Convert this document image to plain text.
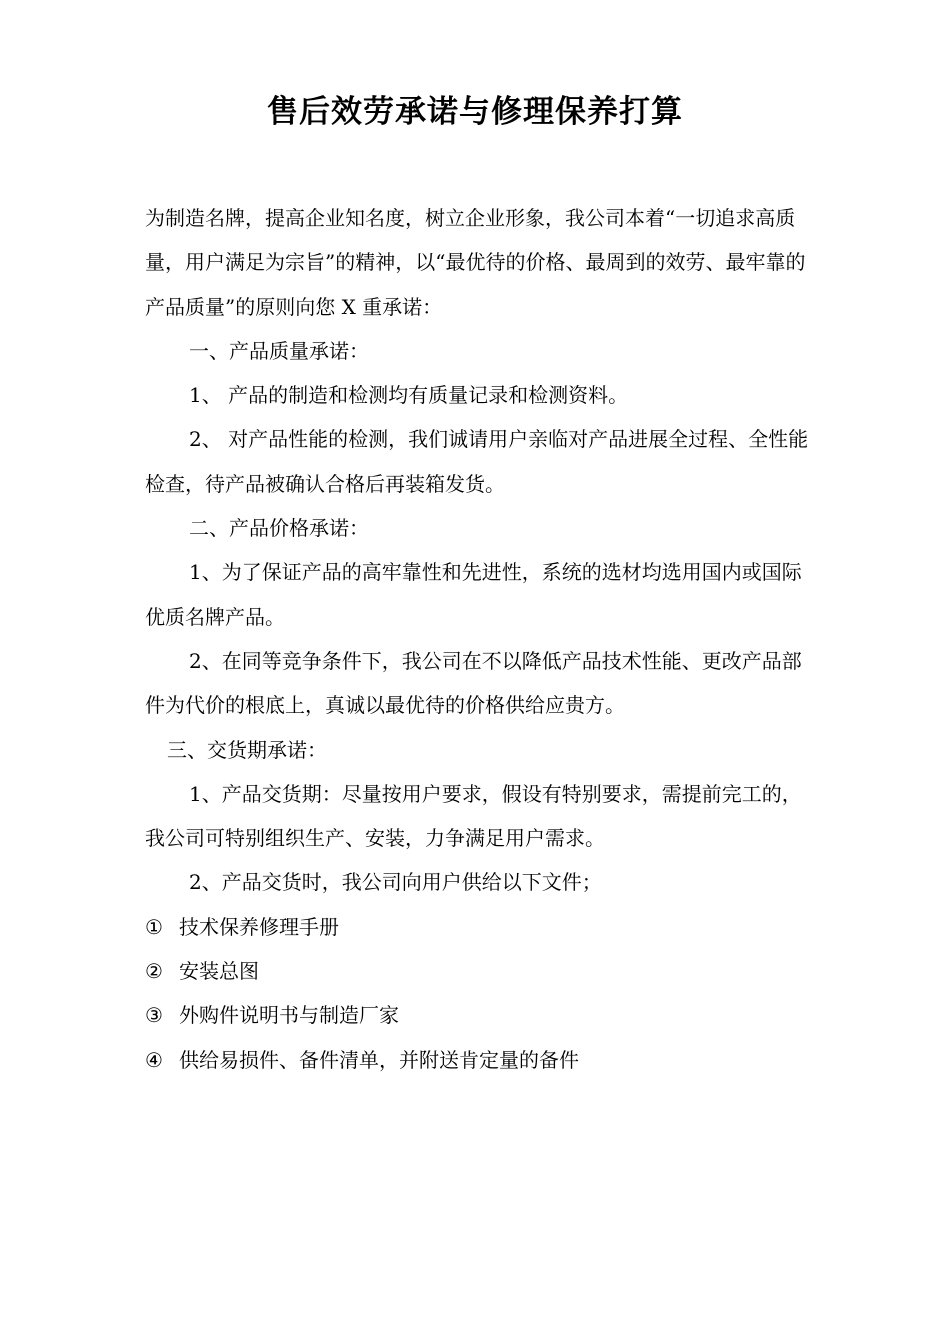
售后效劳承诺与修理保养打算

为制造名牌，提高企业知名度，树立企业形象，我公司本着“一切追求高质量，用户满足为宗旨”的精神，以“最优待的价格、最周到的效劳、最牢靠的产品质量”的原则向您 X 重承诺：

一、产品质量承诺：

1、 产品的制造和检测均有质量记录和检测资料。

2、 对产品性能的检测，我们诚请用户亲临对产品进展全过程、全性能检查，待产品被确认合格后再装箱发货。

二、产品价格承诺：

1、为了保证产品的高牢靠性和先进性，系统的选材均选用国内或国际优质名牌产品。

2、在同等竞争条件下，我公司在不以降低产品技术性能、更改产品部件为代价的根底上，真诚以最优待的价格供给应贵方。

三、交货期承诺：

1、产品交货期：尽量按用户要求，假设有特别要求，需提前完工的，我公司可特别组织生产、安装，力争满足用户需求。

2、产品交货时，我公司向用户供给以下文件；

① 技术保养修理手册
② 安装总图
③ 外购件说明书与制造厂家
④ 供给易损件、备件清单，并附送肯定量的备件
